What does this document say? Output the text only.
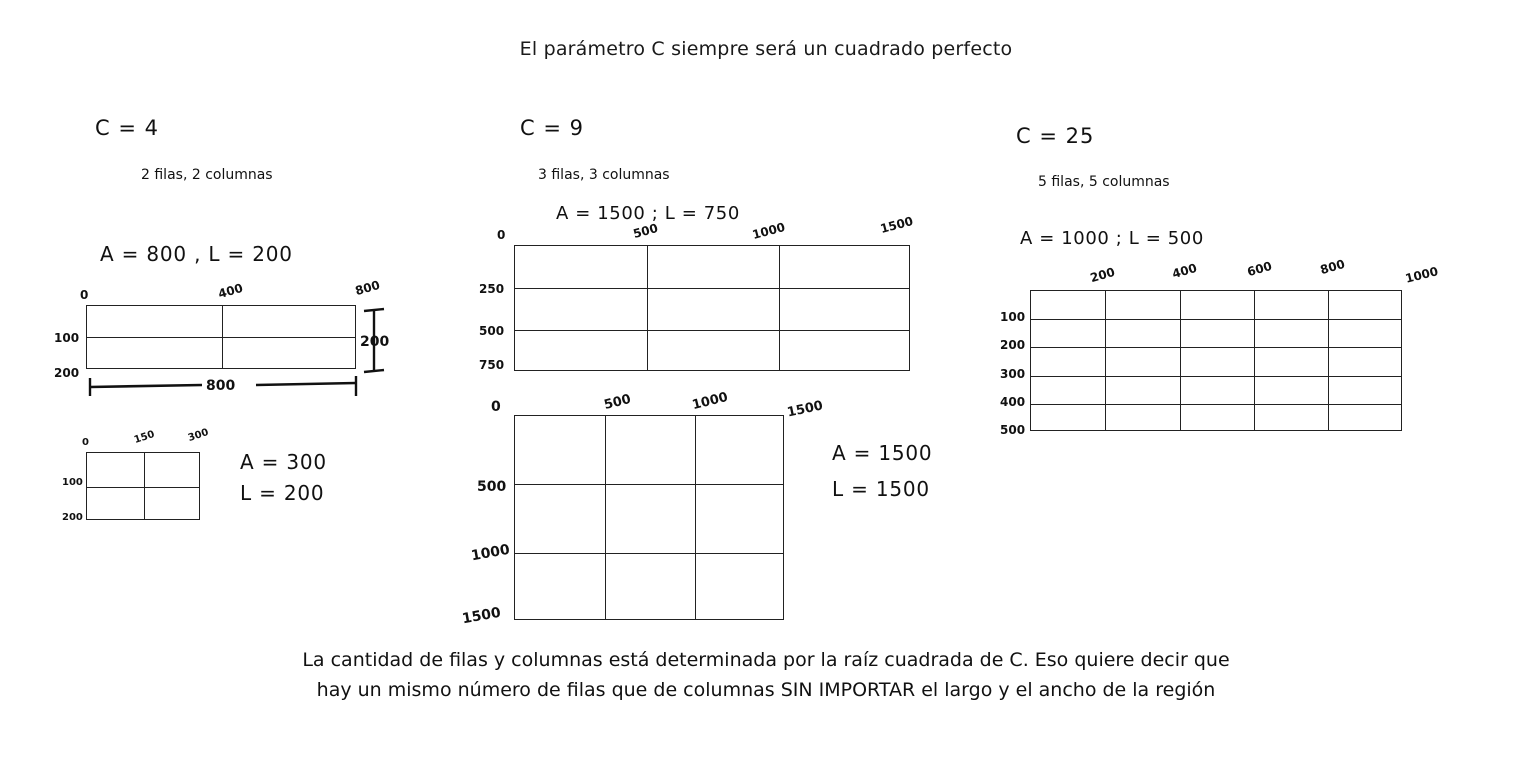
El parámetro C siempre será un cuadrado perfecto
C = 4
2 filas, 2 columnas
A = 800 , L = 200
0	400	800
100
200
200
800
0	150	300
100
200
A = 300
L = 200
C = 9
3 filas, 3 columnas
A = 1500 ; L = 750
0	500	1000	1500
250
500
750
0	500	1000	1500
500
1000
1500
A = 1500
L = 1500
C = 25
5 filas, 5 columnas
A = 1000 ; L = 500
200	400	600	800	1000
100
200
300
400
500
La cantidad de filas y columnas está determinada por la raíz cuadrada de C. Eso quiere decir que
hay un mismo número de filas que de columnas SIN IMPORTAR el largo y el ancho de la región
